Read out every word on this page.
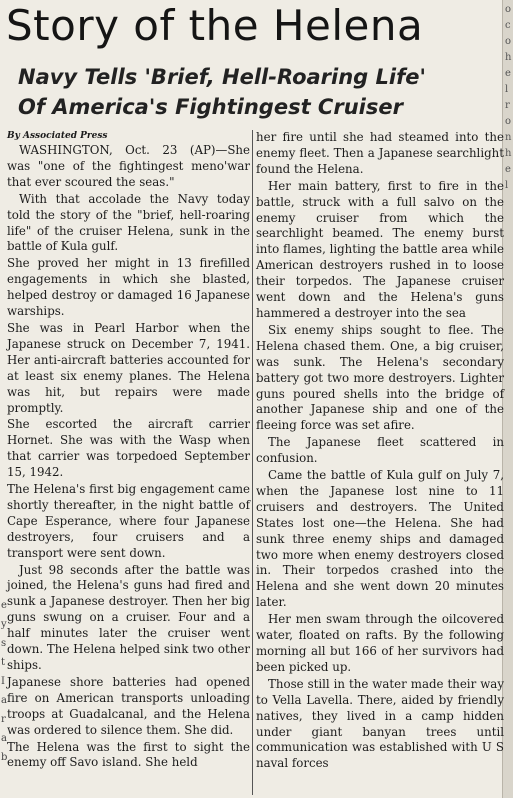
o
c
o
h
e
l
r
o
n
h
e
l
e
y
s
t
I
a
r
a
b
Story of the Helena
Navy Tells 'Brief, Hell-Roaring Life'
Of America's Fightingest Cruiser
By Associated Press

WASHINGTON, Oct. 23 (AP)—She was "one of the fightingest meno'war that ever scoured the seas."

With that accolade the Navy today told the story of the "brief, hell-roaring life" of the cruiser Helena, sunk in the battle of Kula gulf.

She proved her might in 13 firefilled engagements in which she blasted, helped destroy or damaged 16 Japanese warships.

She was in Pearl Harbor when the Japanese struck on December 7, 1941. Her anti-aircraft batteries accounted for at least six enemy planes. The Helena was hit, but repairs were made promptly.

She escorted the aircraft carrier Hornet. She was with the Wasp when that carrier was torpedoed September 15, 1942.

The Helena's first big engagement came shortly thereafter, in the night battle of Cape Esperance, where four Japanese destroyers, four cruisers and a transport were sent down.

Just 98 seconds after the battle was joined, the Helena's guns had fired and sunk a Japanese destroyer. Then her big guns swung on a cruiser. Four and a half minutes later the cruiser went down. The Helena helped sink two other ships.

Japanese shore batteries had opened fire on American transports unloading troops at Guadalcanal, and the Helena was ordered to silence them. She did.

The Helena was the first to sight the enemy off Savo island. She held

her fire until she had steamed into the enemy fleet. Then a Japanese searchlight found the Helena.

Her main battery, first to fire in the battle, struck with a full salvo on the enemy cruiser from which the searchlight beamed. The enemy burst into flames, lighting the battle area while American destroyers rushed in to loose their torpedos. The Japanese cruiser went down and the Helena's guns hammered a destroyer into the sea

Six enemy ships sought to flee. The Helena chased them. One, a big cruiser, was sunk. The Helena's secondary battery got two more destroyers. Lighter guns poured shells into the bridge of another Japanese ship and one of the fleeing force was set afire.

The Japanese fleet scattered in confusion.

Came the battle of Kula gulf on July 7, when the Japanese lost nine to 11 cruisers and destroyers. The United States lost one—the Helena. She had sunk three enemy ships and damaged two more when enemy destroyers closed in. Their torpedos crashed into the Helena and she went down 20 minutes later.

Her men swam through the oilcovered water, floated on rafts. By the following morning all but 166 of her survivors had been picked up.

Those still in the water made their way to Vella Lavella. There, aided by friendly natives, they lived in a camp hidden under giant banyan trees until communication was established with U S naval forces
